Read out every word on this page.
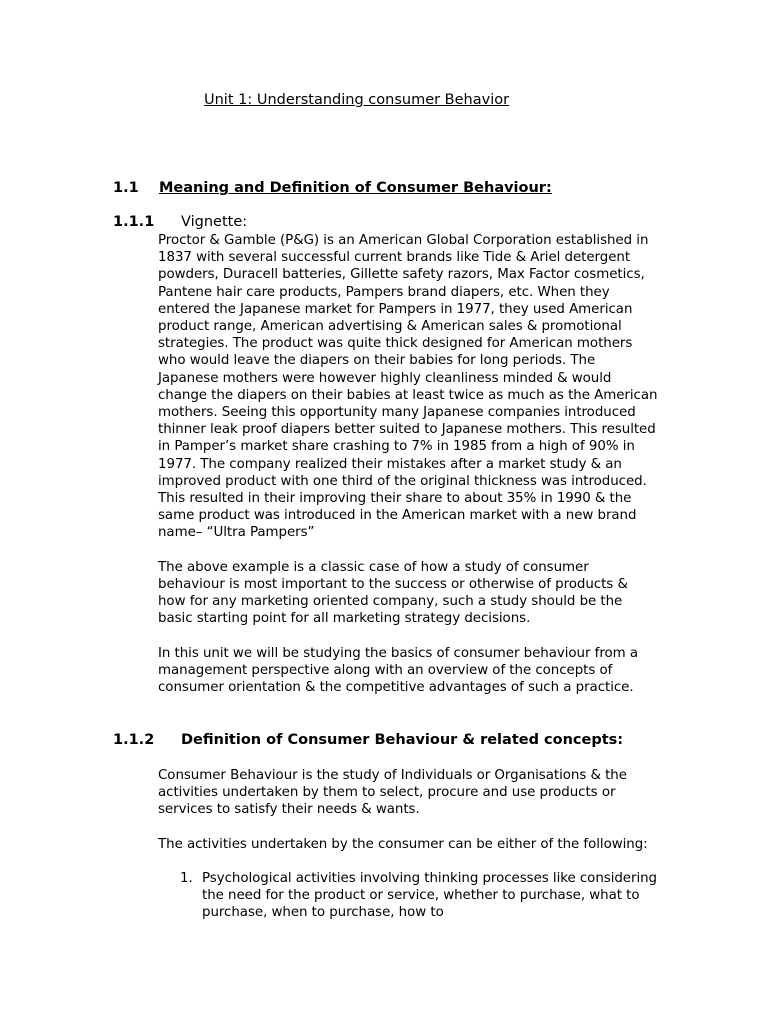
Unit 1: Understanding consumer Behavior
1.1 Meaning and Definition of Consumer Behaviour:
1.1.1 Vignette:

Proctor & Gamble (P&G) is an American Global Corporation established in 1837 with several successful current brands like Tide & Ariel detergent powders, Duracell batteries, Gillette safety razors, Max Factor cosmetics, Pantene hair care products, Pampers brand diapers, etc. When they entered the Japanese market for Pampers in 1977, they used American product range, American advertising & American sales & promotional strategies. The product was quite thick designed for American mothers who would leave the diapers on their babies for long periods. The Japanese mothers were however highly cleanliness minded & would change the diapers on their babies at least twice as much as the American mothers. Seeing this opportunity many Japanese companies introduced thinner leak proof diapers better suited to Japanese mothers. This resulted in Pamper’s market share crashing to 7% in 1985 from a high of 90% in 1977. The company realized their mistakes after a market study & an improved product with one third of the original thickness was introduced. This resulted in their improving their share to about 35% in 1990 & the same product was introduced in the American market with a new brand name– “Ultra Pampers”

The above example is a classic case of how a study of consumer behaviour is most important to the success or otherwise of products & how for any marketing oriented company, such a study should be the basic starting point for all marketing strategy decisions.

In this unit we will be studying the basics of consumer behaviour from a management perspective along with an overview of the concepts of consumer orientation & the competitive advantages of such a practice.

1.1.2 Definition of Consumer Behaviour & related concepts:

Consumer Behaviour is the study of Individuals or Organisations & the activities undertaken by them to select, procure and use products or services to satisfy their needs & wants.

The activities undertaken by the consumer can be either of the following:

1. Psychological activities involving thinking processes like considering the need for the product or service, whether to purchase, what to purchase, when to purchase, how to
